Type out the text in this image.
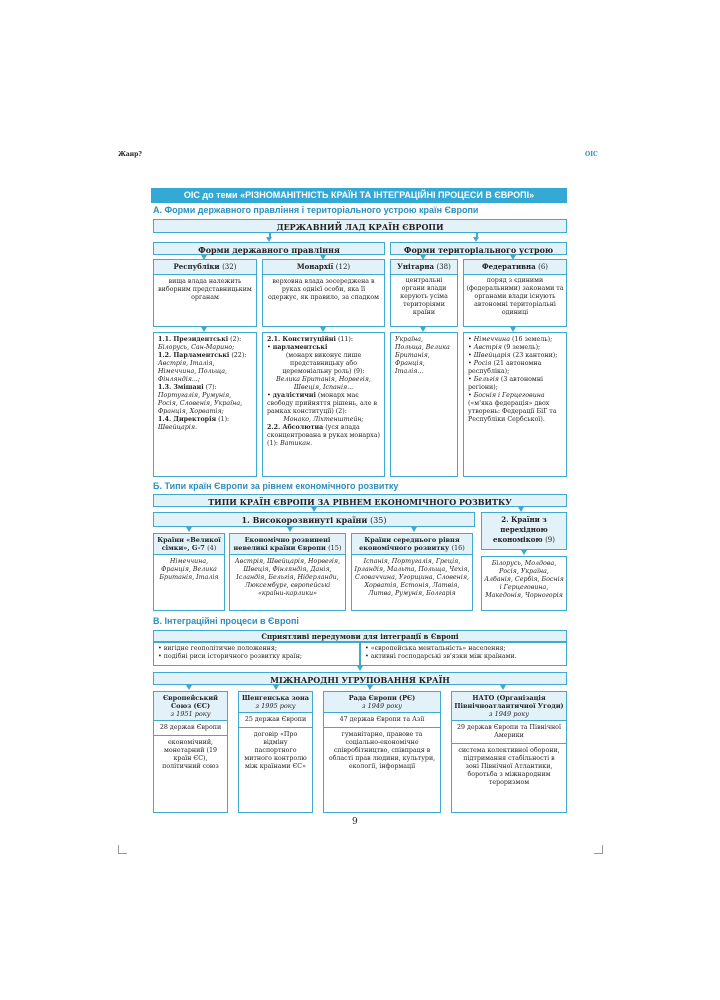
Жанр?	ОІС
ОІС до теми «РІЗНОМАНІТНІСТЬ КРАЇН ТА ІНТЕГРАЦІЙНІ ПРОЦЕСИ В ЄВРОПІ»
А. Форми державного правління і територіального устрою країн Європи
ДЕРЖАВНИЙ ЛАД КРАЇН ЄВРОПИ
Форми державного правління	Форми територіального устрою
Республіки (32)
вища влада належить виборним представницьким органам
Монархії (12)
верховна влада зосереджена в руках однієї особи, яка її одержує, як правило, за спадком
Унітарна (38)
центральні органи влади керують усіма територіями країни
Федеративна (6)
поряд з єдиними (федеральними) законами та органами влади існують автономні територіальні одиниці
1.1. Президентські (2):
Білорусь, Сан-Марино;
1.2. Парламентські (22):
Австрія, Італія, Німеччина, Польща, Фінляндія...;
1.3. Змішані (7):
Португалія, Румунія, Росія, Словенія, Україна, Франція, Хорватія;
1.4. Директорія (1):
Швейцарія.
2.1. Конституційні (11):
• парламентські
(монарх виконує лише представницьку або церемоніальну роль) (9):
Велика Британія, Норвегія, Швеція, Іспанія...
• дуалістичні (монарх має свободу прийняття рішень, але в рамках конституції) (2):
Монако, Ліхтенштейн;
2.2. Абсолютна (уся влада сконцентрована в руках монарха) (1): Ватикан.
Україна, Польща, Велика Британія, Франція, Італія...
• Німеччина (16 земель);
• Австрія (9 земель);
• Швейцарія (23 кантони);
• Росія (21 автономна республіка);
• Бельгія (3 автономні регіони);
• Боснія і Герцеговина («м'яка федерація» двох утворень: Федерації БіГ та Республіки Сербської).
Б. Типи країн Європи за рівнем економічного розвитку
ТИПИ КРАЇН ЄВРОПИ ЗА РІВНЕМ ЕКОНОМІЧНОГО РОЗВИТКУ
1. Високорозвинуті країни (35)	2. Країни з перехідною економікою (9)
Країни «Великої сімки», G-7 (4)
Німеччина, Франція, Велика Британія, Італія
Економічно розвинені невеликі країни Європи (15)
Австрія, Швейцарія, Норвегія, Швеція, Фінляндія, Данія, Ісландія, Бельгія, Нідерланди, Люксембург, європейські «країни-карлики»
Країни середнього рівня економічного розвитку (16)
Іспанія, Португалія, Греція, Ірландія, Мальта, Польща, Чехія, Словаччина, Угорщина, Словенія, Хорватія, Естонія, Латвія, Литва, Румунія, Болгарія
Білорусь, Молдова, Росія, Україна, Албанія, Сербія, Боснія і Герцеговина, Македонія, Чорногорія
В. Інтеграційні процеси в Європі
Сприятливі передумови для інтеграції в Європі
• вигідне геополітичне положення;
• подібні риси історичного розвитку країн;
• «європейська ментальність» населення;
• активні господарські зв'язки між країнами.
МІЖНАРОДНІ УГРУПОВАННЯ КРАЇН
Європейський Союз (ЄС)
з 1951 року
28 держав Європи
економічний, монетарний (19 країн ЄС), політичний союз
Шенгенська зона
з 1995 року
25 держав Європи
договір «Про відміну паспортного митного контролю між країнами ЄС»
Рада Європи (РЄ)
з 1949 року
47 держав Європи та Азії
гуманітарне, правове та соціально-економічне співробітництво, співпраця в області прав людини, культури, екології, інформації
НАТО (Організація Північноатлантичної Угоди)
з 1949 року
29 держав Європи та Північної Америки
система колективної оборони, підтримання стабільності в зоні Північної Атлантики, боротьба з міжнародним тероризмом
9
